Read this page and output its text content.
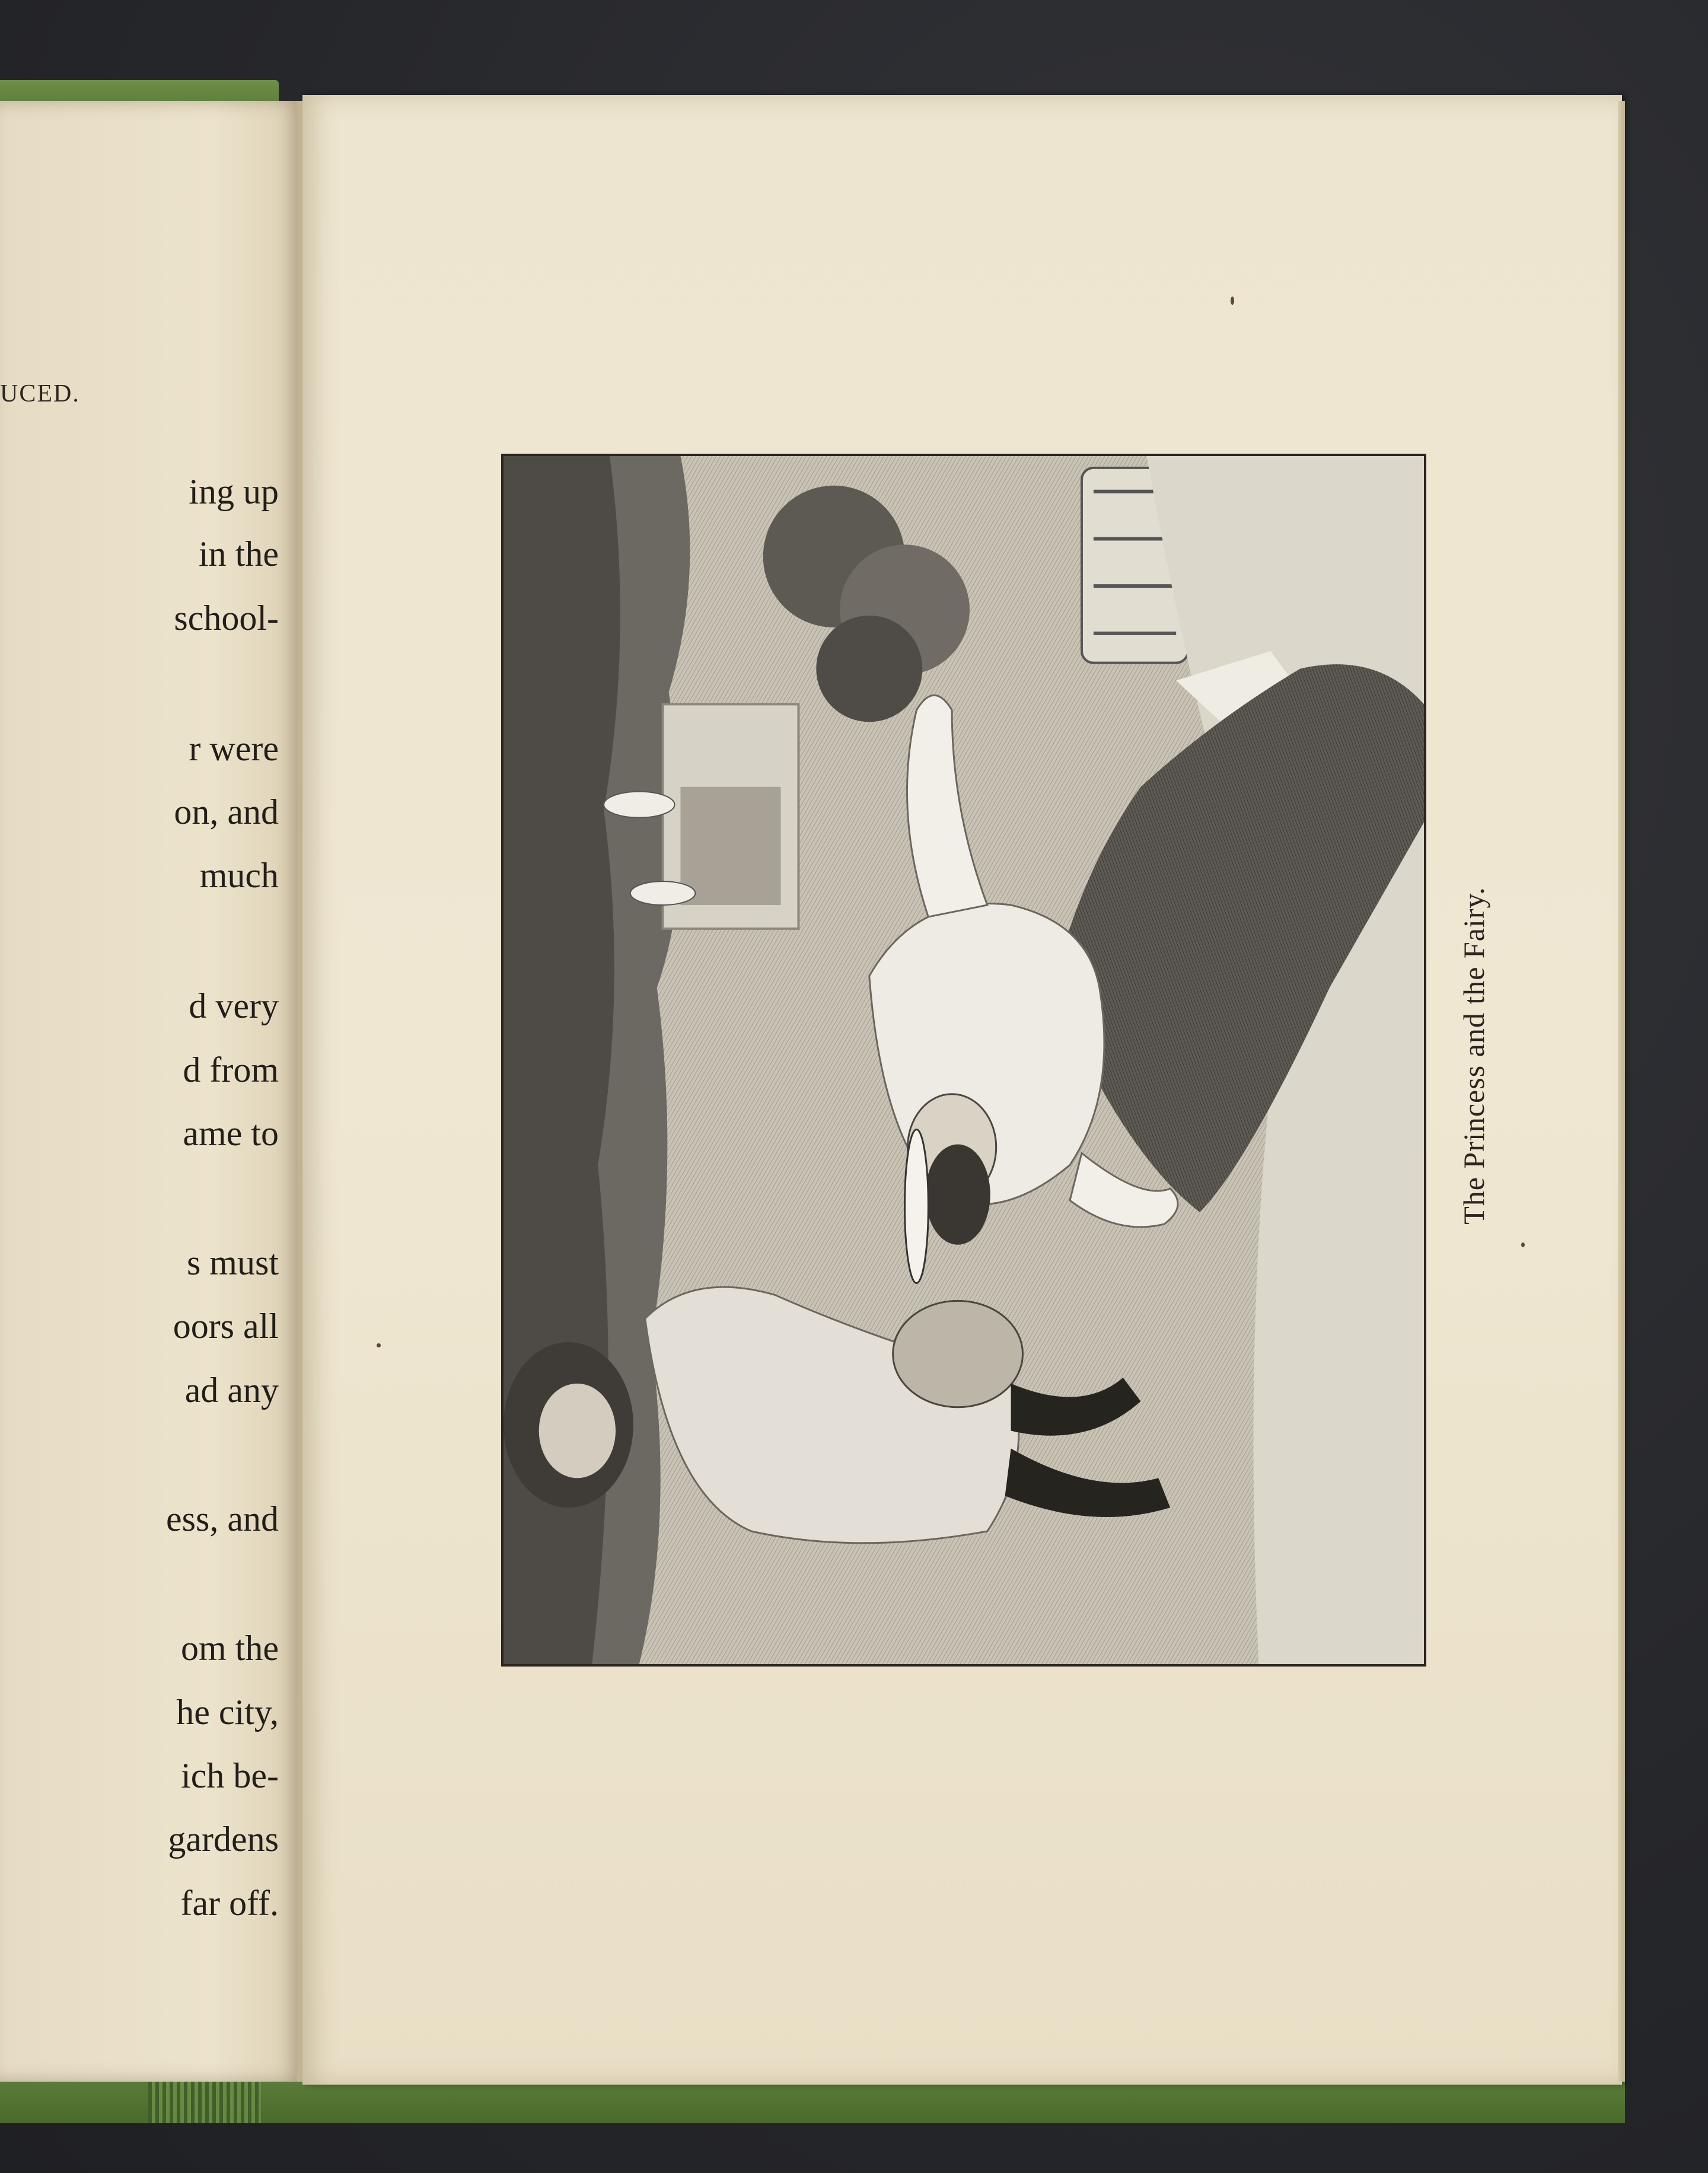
UCED.
ing up
in the
school-
r were
on, and
much
d very
d from
ame to
s must
oors all
ad any
ess, and
om the
he city,
ich be-
gardens
far off.
The Princess and the Fairy.
